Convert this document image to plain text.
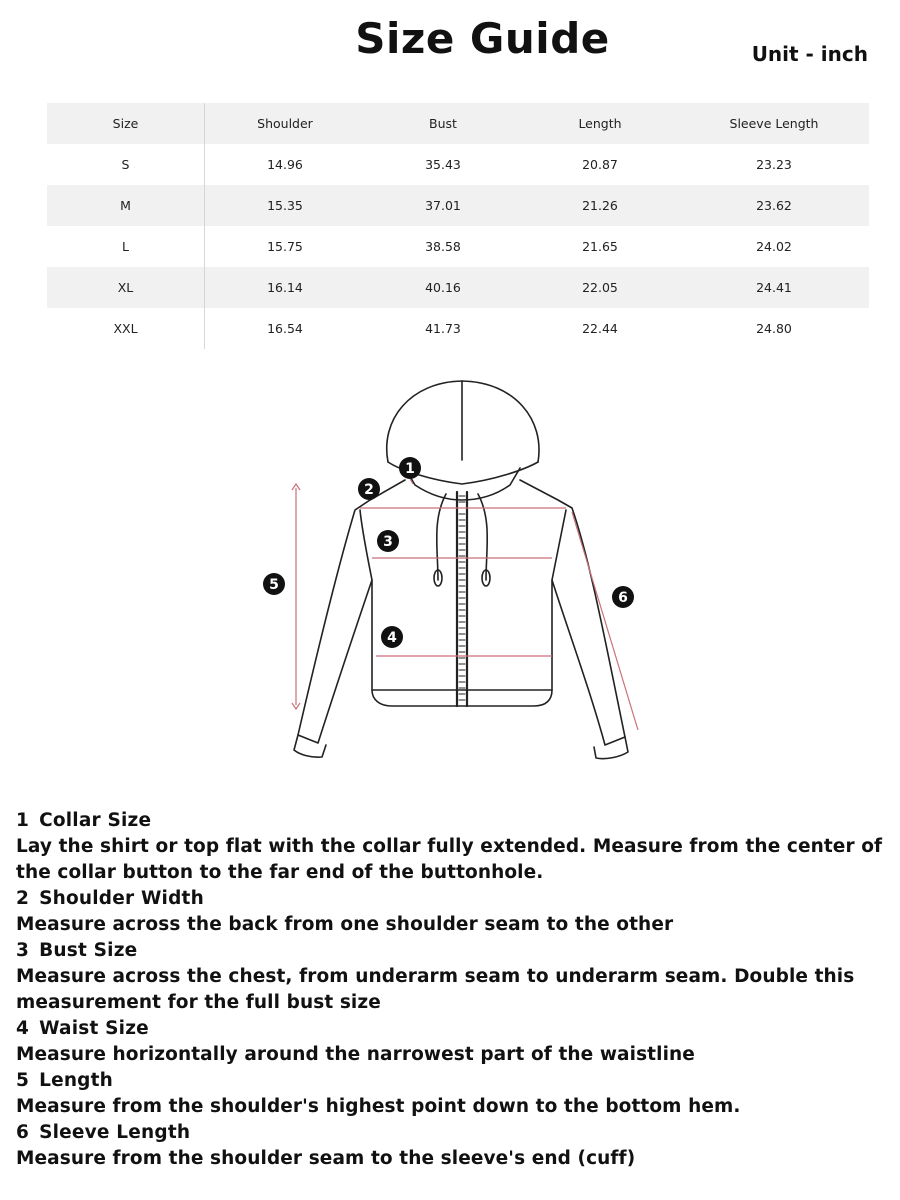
Size Guide	Unit - inch
Size	Shoulder	Bust	Length	Sleeve Length
S	14.96	35.43	20.87	23.23
M	15.35	37.01	21.26	23.62
L	15.75	38.58	21.65	24.02
XL	16.14	40.16	22.05	24.41
XXL	16.54	41.73	22.44	24.80
1
2
3
4
5
6
1 Collar Size
Lay the shirt or top flat with the collar fully extended. Measure from the center of the collar button to the far end of the buttonhole.
2 Shoulder Width
Measure across the back from one shoulder seam to the other
3 Bust Size
Measure across the chest, from underarm seam to underarm seam. Double this measurement for the full bust size
4 Waist Size
Measure horizontally around the narrowest part of the waistline
5 Length
Measure from the shoulder's highest point down to the bottom hem.
6 Sleeve Length
Measure from the shoulder seam to the sleeve's end (cuff)
